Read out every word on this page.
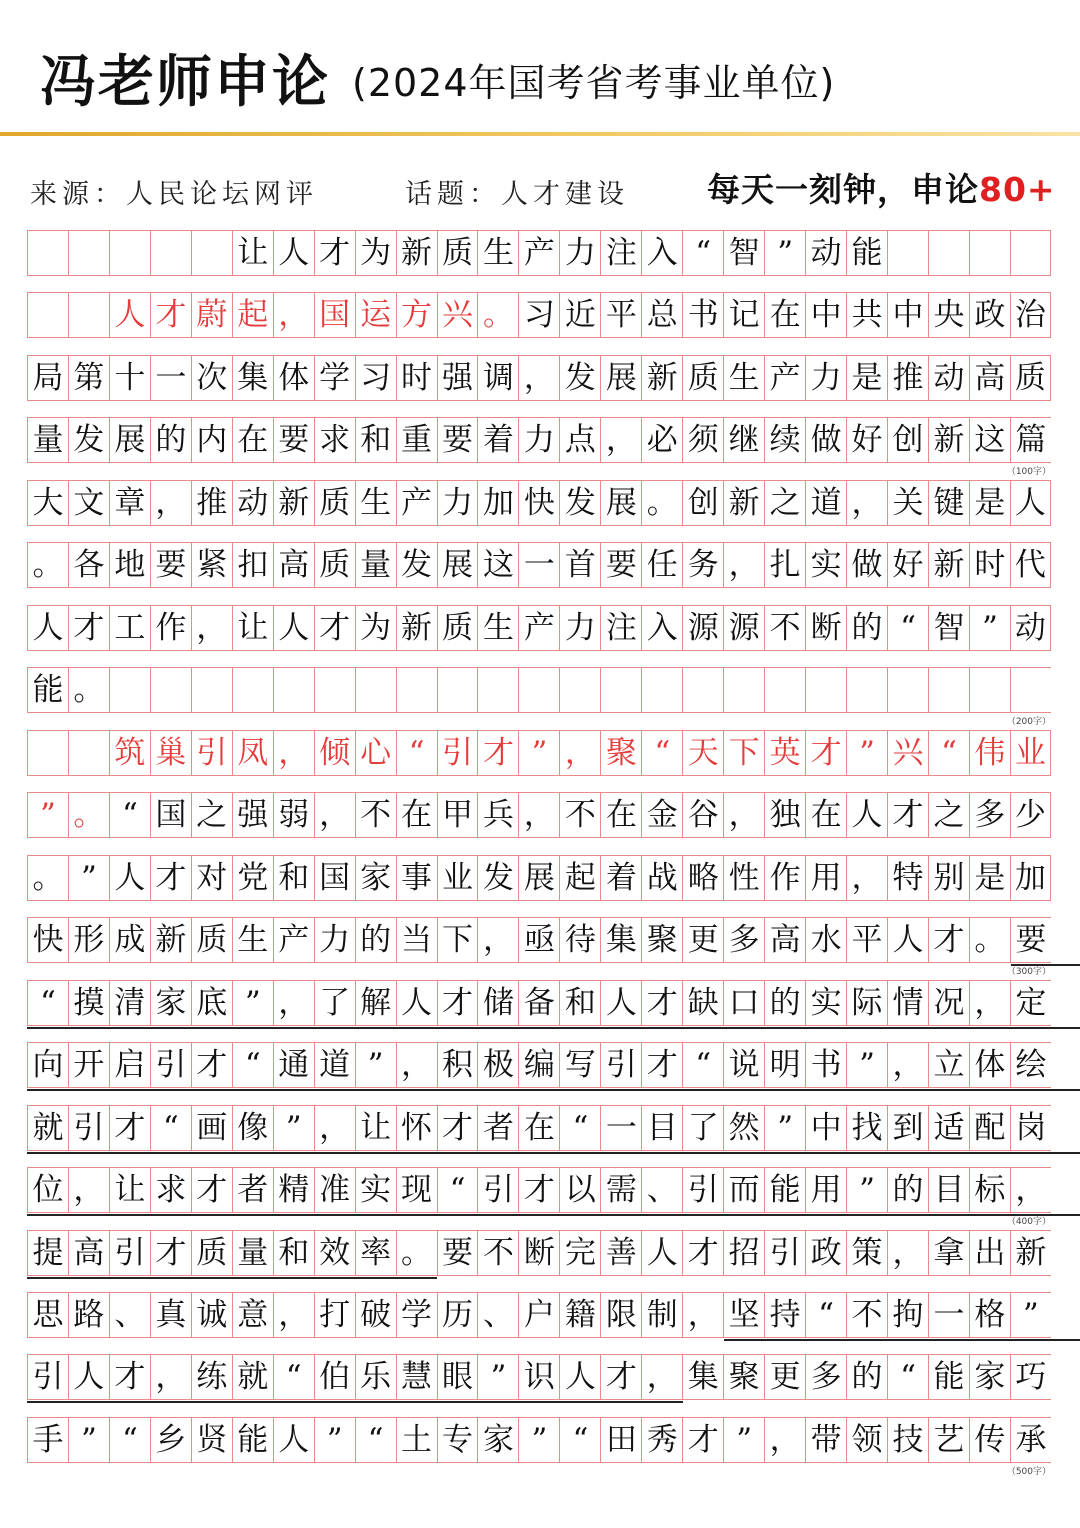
冯老师申论 (2024年国考省考事业单位)
来源：人民论坛网评	话题：人才建设 每天一刻钟，申论80+
让 人 才 为 新 质 生 产 力 注 入 “ 智 ” 动 能
人 才 蔚 起 ， 国 运 方 兴 。 习 近 平 总 书 记 在 中 共 中 央 政 治
局 第 十 一 次 集 体 学 习 时 强 调 ， 发 展 新 质 生 产 力 是 推 动 高 质
量 发 展 的 内 在 要 求 和 重 要 着 力 点 ， 必 须 继 续 做 好 创 新 这 篇
（100字）
大 文 章 ， 推 动 新 质 生 产 力 加 快 发 展 。 创 新 之 道 ， 关 键 是 人
。 各 地 要 紧 扣 高 质 量 发 展 这 一 首 要 任 务 ， 扎 实 做 好 新 时 代
人 才 工 作 ， 让 人 才 为 新 质 生 产 力 注 入 源 源 不 断 的 “ 智 ” 动
能 。
（200字）
筑 巢 引 凤 ， 倾 心 “ 引 才 ” ， 聚 “ 天 下 英 才 ” 兴 “ 伟 业
” 。 “ 国 之 强 弱 ， 不 在 甲 兵 ， 不 在 金 谷 ， 独 在 人 才 之 多 少
。 ” 人 才 对 党 和 国 家 事 业 发 展 起 着 战 略 性 作 用 ， 特 别 是 加
快 形 成 新 质 生 产 力 的 当 下 ， 亟 待 集 聚 更 多 高 水 平 人 才 。 要
（300字）
“ 摸 清 家 底 ” ， 了 解 人 才 储 备 和 人 才 缺 口 的 实 际 情 况 ， 定
向 开 启 引 才 “ 通 道 ” ， 积 极 编 写 引 才 “ 说 明 书 ” ， 立 体 绘
就 引 才 “ 画 像 ” ， 让 怀 才 者 在 “ 一 目 了 然 ” 中 找 到 适 配 岗
位 ， 让 求 才 者 精 准 实 现 “ 引 才 以 需 、 引 而 能 用 ” 的 目 标 ，
（400字）
提 高 引 才 质 量 和 效 率 。 要 不 断 完 善 人 才 招 引 政 策 ， 拿 出 新
思 路 、 真 诚 意 ， 打 破 学 历 、 户 籍 限 制 ， 坚 持 “ 不 拘 一 格 ”
引 人 才 ， 练 就 “ 伯 乐 慧 眼 ” 识 人 才 ， 集 聚 更 多 的 “ 能 家 巧
手 ” “ 乡 贤 能 人 ” “ 土 专 家 ” “ 田 秀 才 ” ， 带 领 技 艺 传 承
（500字）
